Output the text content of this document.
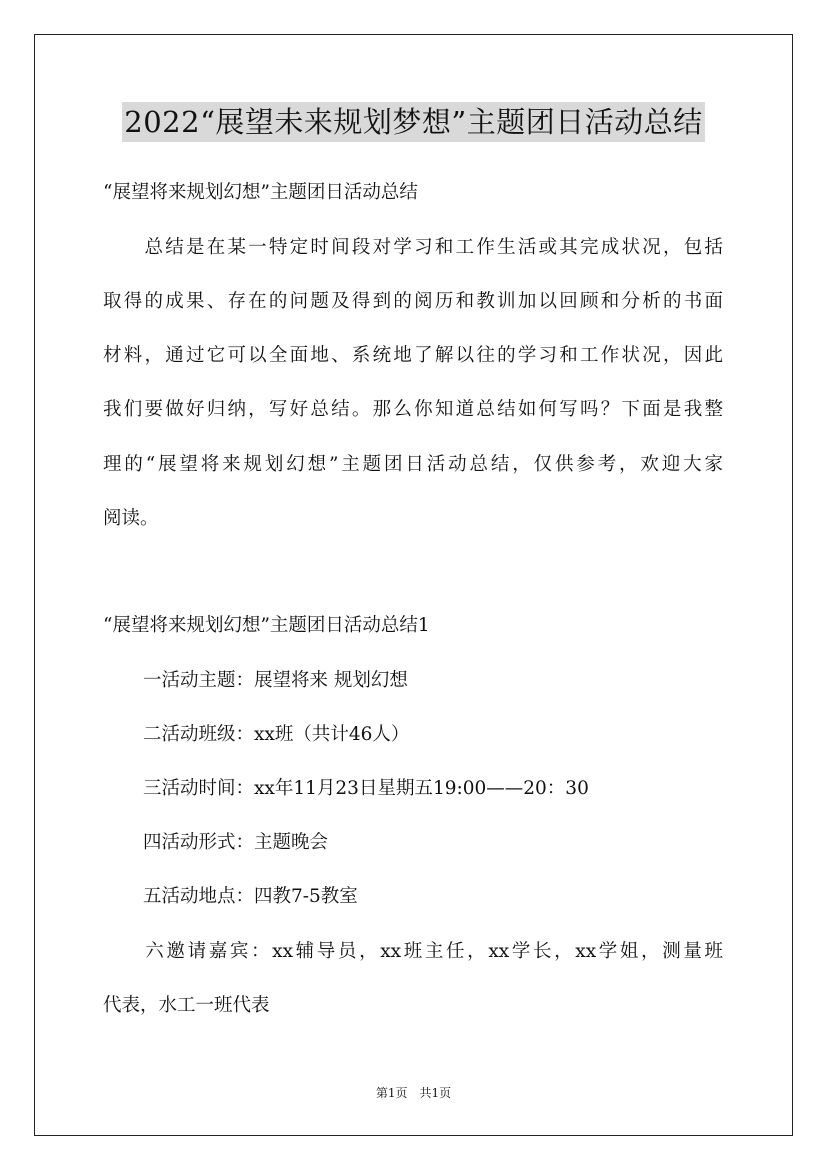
2022“展望未来规划梦想”主题团日活动总结
“展望将来规划幻想”主题团日活动总结
　　总结是在某一特定时间段对学习和工作生活或其完成状况，包括
取得的成果、存在的问题及得到的阅历和教训加以回顾和分析的书面
材料，通过它可以全面地、系统地了解以往的学习和工作状况，因此
我们要做好归纳，写好总结。那么你知道总结如何写吗？下面是我整
理的“展望将来规划幻想”主题团日活动总结，仅供参考，欢迎大家
阅读。
“展望将来规划幻想”主题团日活动总结1
一活动主题：展望将来 规划幻想
二活动班级：xx班（共计46人）
三活动时间：xx年11月23日星期五19:00——20：30
四活动形式：主题晚会
五活动地点：四教7-5教室
　　六邀请嘉宾：xx辅导员，xx班主任，xx学长，xx学姐，测量班
代表，水工一班代表
第1页　共1页
